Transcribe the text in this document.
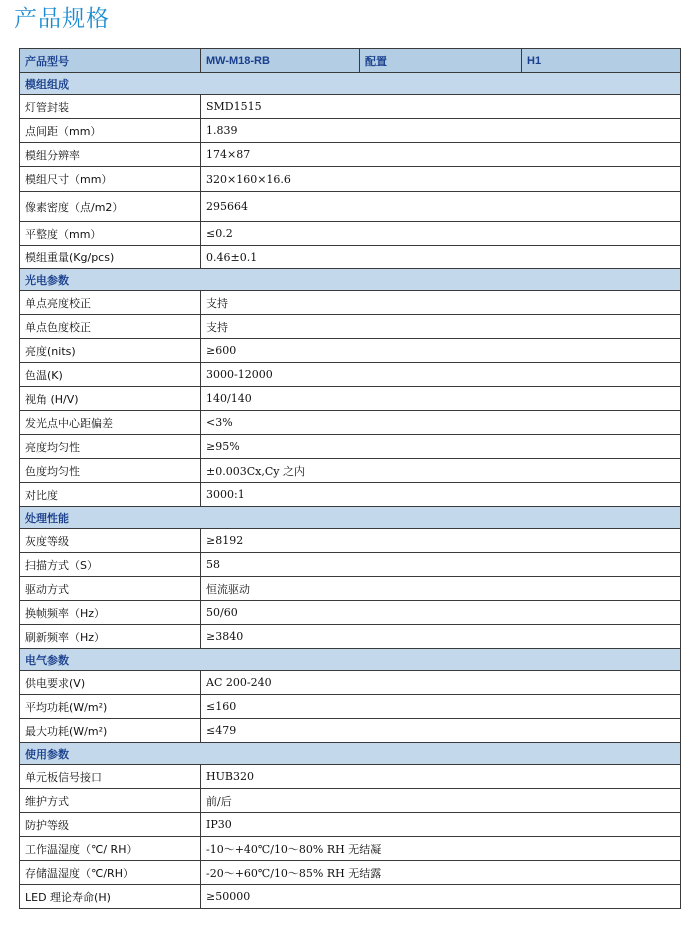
产品规格
产品型号	MW-M18-RB	配置	H1
模组组成			
灯管封装	SMD1515		
点间距（mm）	1.839		
模组分辨率	174×87		
模组尺寸（mm）	320×160×16.6		
像素密度（点/m2）	295664		
平整度（mm）	≤0.2		
模组重量(Kg/pcs)	0.46±0.1		
光电参数			
单点亮度校正	支持		
单点色度校正	支持		
亮度(nits)	≥600		
色温(K)	3000-12000		
视角 (H/V)	140/140		
发光点中心距偏差	<3%		
亮度均匀性	≥95%		
色度均匀性	±0.003Cx,Cy 之内		
对比度	3000:1		
处理性能			
灰度等级	≥8192		
扫描方式（S）	58		
驱动方式	恒流驱动		
换帧频率（Hz）	50/60		
刷新频率（Hz）	≥3840		
电气参数			
供电要求(V)	AC 200-240		
平均功耗(W/m²)	≤160		
最大功耗(W/m²)	≤479		
使用参数			
单元板信号接口	HUB320		
维护方式	前/后		
防护等级	IP30		
工作温湿度（℃/ RH）	-10～+40℃/10～80% RH 无结凝		
存储温湿度（℃/RH）	-20～+60℃/10～85% RH 无结露		
LED 理论寿命(H)	≥50000		
